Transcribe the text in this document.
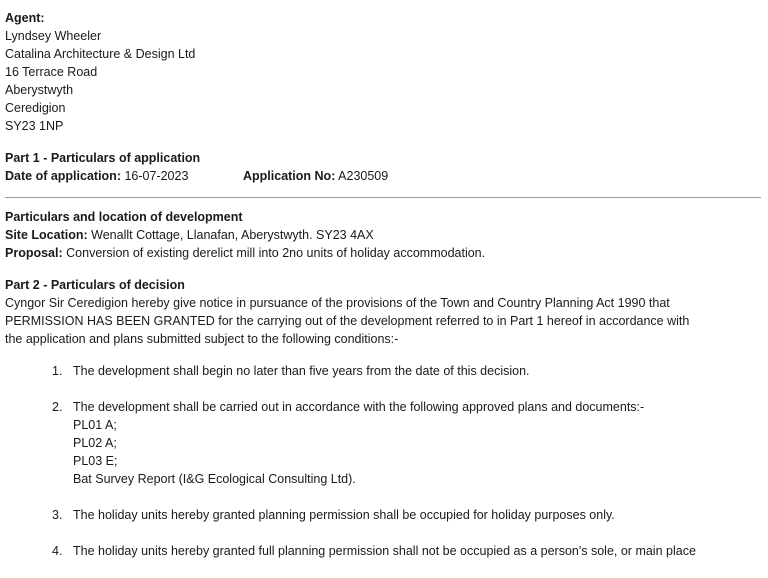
Agent:
Lyndsey Wheeler
Catalina Architecture & Design Ltd
16 Terrace Road
Aberystwyth
Ceredigion
SY23 1NP
Part 1 - Particulars of application
Date of application: 16-07-2023	Application No: A230509
Particulars and location of development
Site Location: Wenallt Cottage, Llanafan, Aberystwyth. SY23 4AX
Proposal: Conversion of existing derelict mill into 2no units of holiday accommodation.
Part 2 - Particulars of decision
Cyngor Sir Ceredigion hereby give notice in pursuance of the provisions of the Town and Country Planning Act 1990 that
PERMISSION HAS BEEN GRANTED for the carrying out of the development referred to in Part 1 hereof in accordance with
the application and plans submitted subject to the following conditions:-
1. The development shall begin no later than five years from the date of this decision.
2. The development shall be carried out in accordance with the following approved plans and documents:-
PL01 A;
PL02 A;
PL03 E;
Bat Survey Report (I&G Ecological Consulting Ltd).
3. The holiday units hereby granted planning permission shall be occupied for holiday purposes only.
4. The holiday units hereby granted full planning permission shall not be occupied as a person's sole, or main place
